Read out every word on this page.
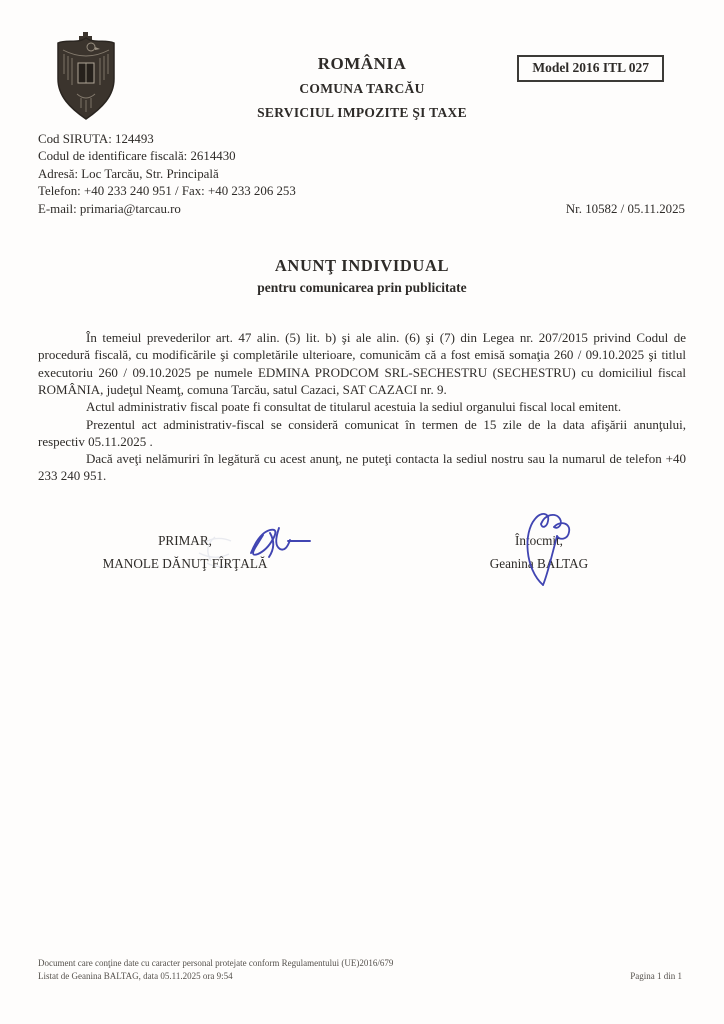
ROMÂNIA
COMUNA TARCĂU
SERVICIUL IMPOZITE ŞI TAXE
Model 2016 ITL 027
Cod SIRUTA: 124493
Codul de identificare fiscală: 2614430
Adresă: Loc Tarcău, Str. Principală
Telefon: +40 233 240 951 / Fax: +40 233 206 253
E-mail: primaria@tarcau.ro	Nr. 10582 / 05.11.2025
ANUNŢ INDIVIDUAL
pentru comunicarea prin publicitate

În temeiul prevederilor art. 47 alin. (5) lit. b) şi ale alin. (6) şi (7) din Legea nr. 207/2015 privind Codul de procedură fiscală, cu modificările şi completările ulterioare, comunicăm că a fost emisă somaţia 260 / 09.10.2025 şi titlul executoriu 260 / 09.10.2025 pe numele EDMINA PRODCOM SRL-SECHESTRU (SECHESTRU) cu domiciliul fiscal ROMÂNIA, judeţul Neamţ, comuna Tarcău, satul Cazaci, SAT CAZACI nr. 9.

Actul administrativ fiscal poate fi consultat de titularul acestuia la sediul organului fiscal local emitent.

Prezentul act administrativ-fiscal se consideră comunicat în termen de 15 zile de la data afişării anunţului, respectiv 05.11.2025 .

Dacă aveţi nelămuriri în legătură cu acest anunţ, ne puteţi contacta la sediul nostru sau la numarul de telefon +40 233 240 951.

PRIMAR,
MANOLE DĂNUŢ FÎRŢALĂ
Întocmit,
Geanina BALTAG
Document care conţine date cu caracter personal protejate conform Regulamentului (UE)2016/679
Listat de Geanina BALTAG, data 05.11.2025 ora 9:54	Pagina 1 din 1
